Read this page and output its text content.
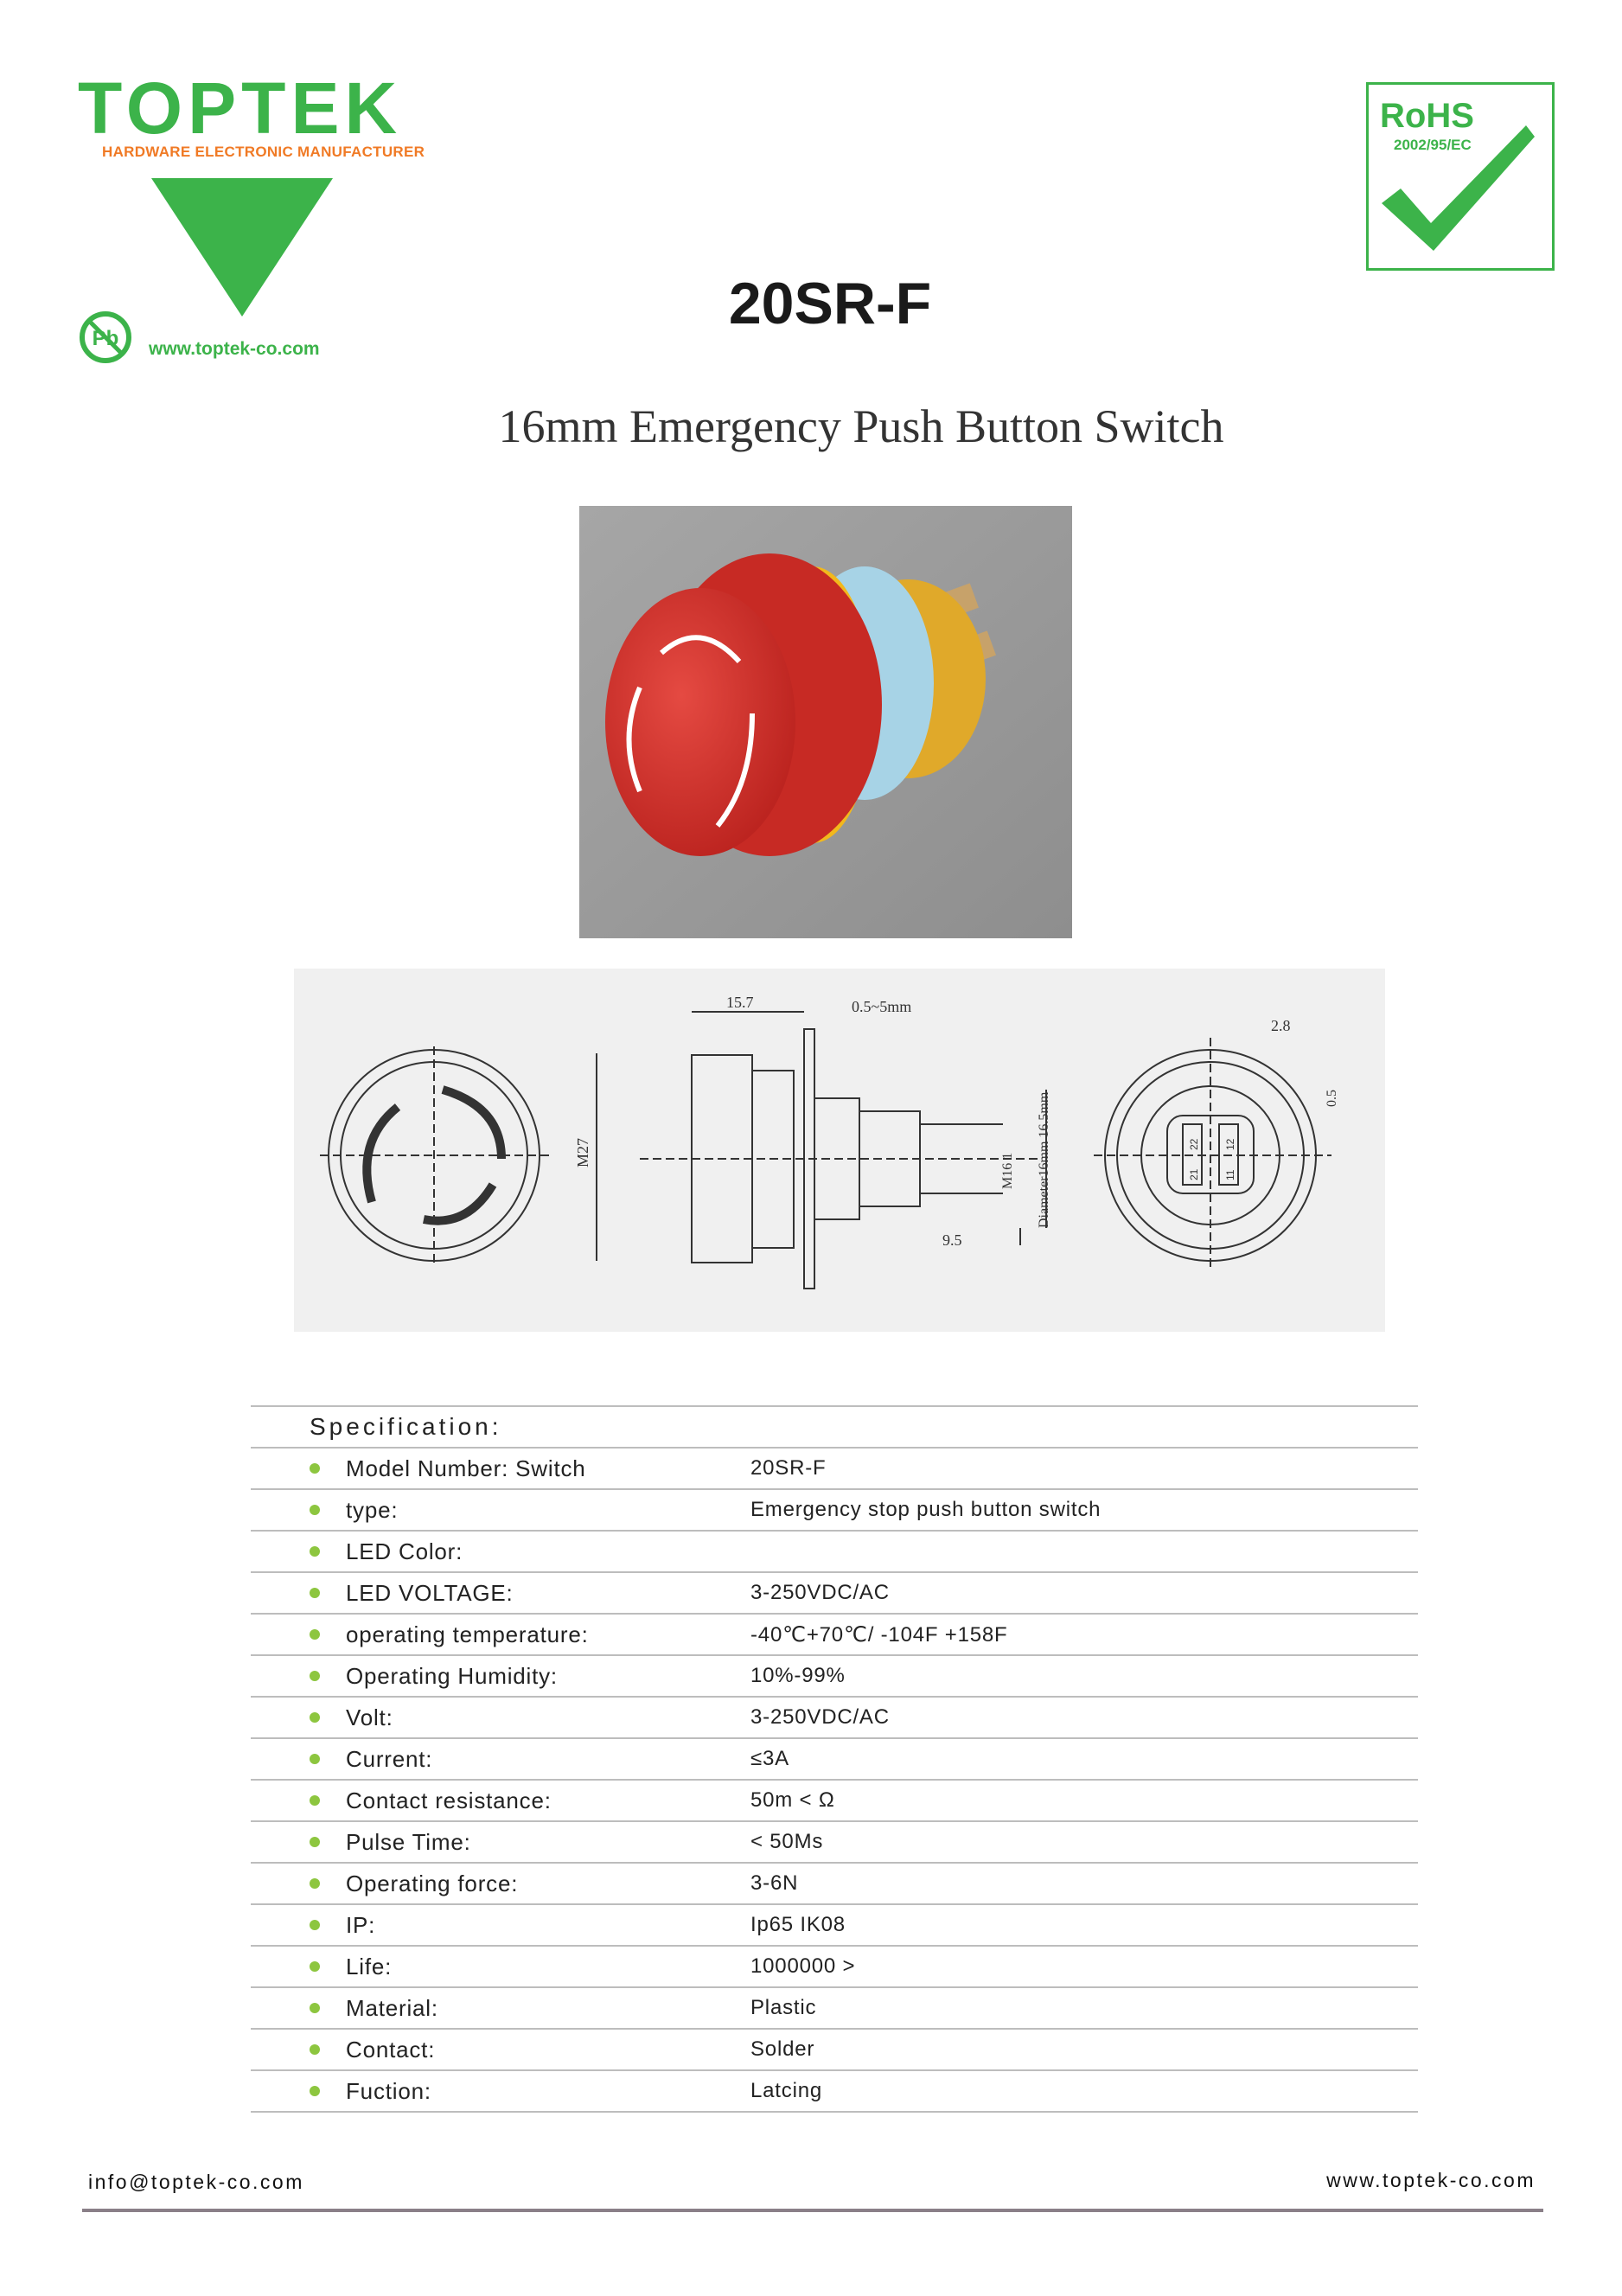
TOPTEK
HARDWARE ELECTRONIC MANUFACTURER
Pb www.toptek-co.com
RoHS
2002/95/EC
20SR-F
16mm Emergency Push Button Switch
M27
15.7	0.5~5mm
M16 1 Diameter16mm 16.5mm
9.5
2.8
0.5
22
21
12
11
Specification:
Model Number: Switch	20SR-F
type:	Emergency stop push button switch
LED Color:
LED VOLTAGE:	3-250VDC/AC
operating temperature:	-40℃+70℃/ -104F +158F
Operating Humidity:	10%-99%
Volt:	3-250VDC/AC
Current:	≤3A
Contact resistance:	50m < Ω
Pulse Time:	< 50Ms
Operating force:	3-6N
IP:	Ip65 IK08
Life:	1000000 >
Material:	Plastic
Contact:	Solder
Fuction:	Latcing
info@toptek-co.com	www.toptek-co.com
